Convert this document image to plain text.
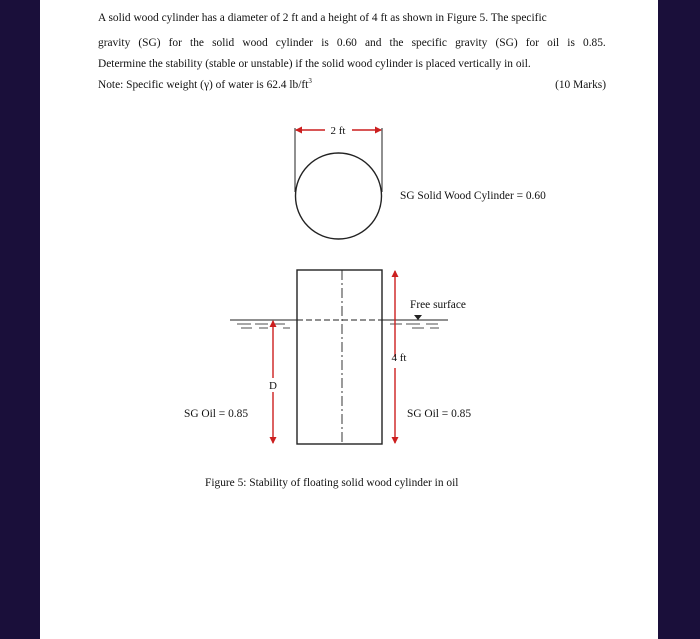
A solid wood cylinder has a diameter of 2 ft and a height of 4 ft as shown in Figure 5. The specific
gravity (SG) for the solid wood cylinder is 0.60 and the specific gravity (SG) for oil is 0.85.
Determine the stability (stable or unstable) if the solid wood cylinder is placed vertically in oil.
Note: Specific weight (γ) of water is 62.4 $lb/ft^3$	(10 Marks)
2 ft
SG Solid Wood Cylinder = 0.60
Free surface
4 ft
D
SG Oil = 0.85	SG Oil = 0.85
Figure 5: Stability of floating solid wood cylinder in oil
